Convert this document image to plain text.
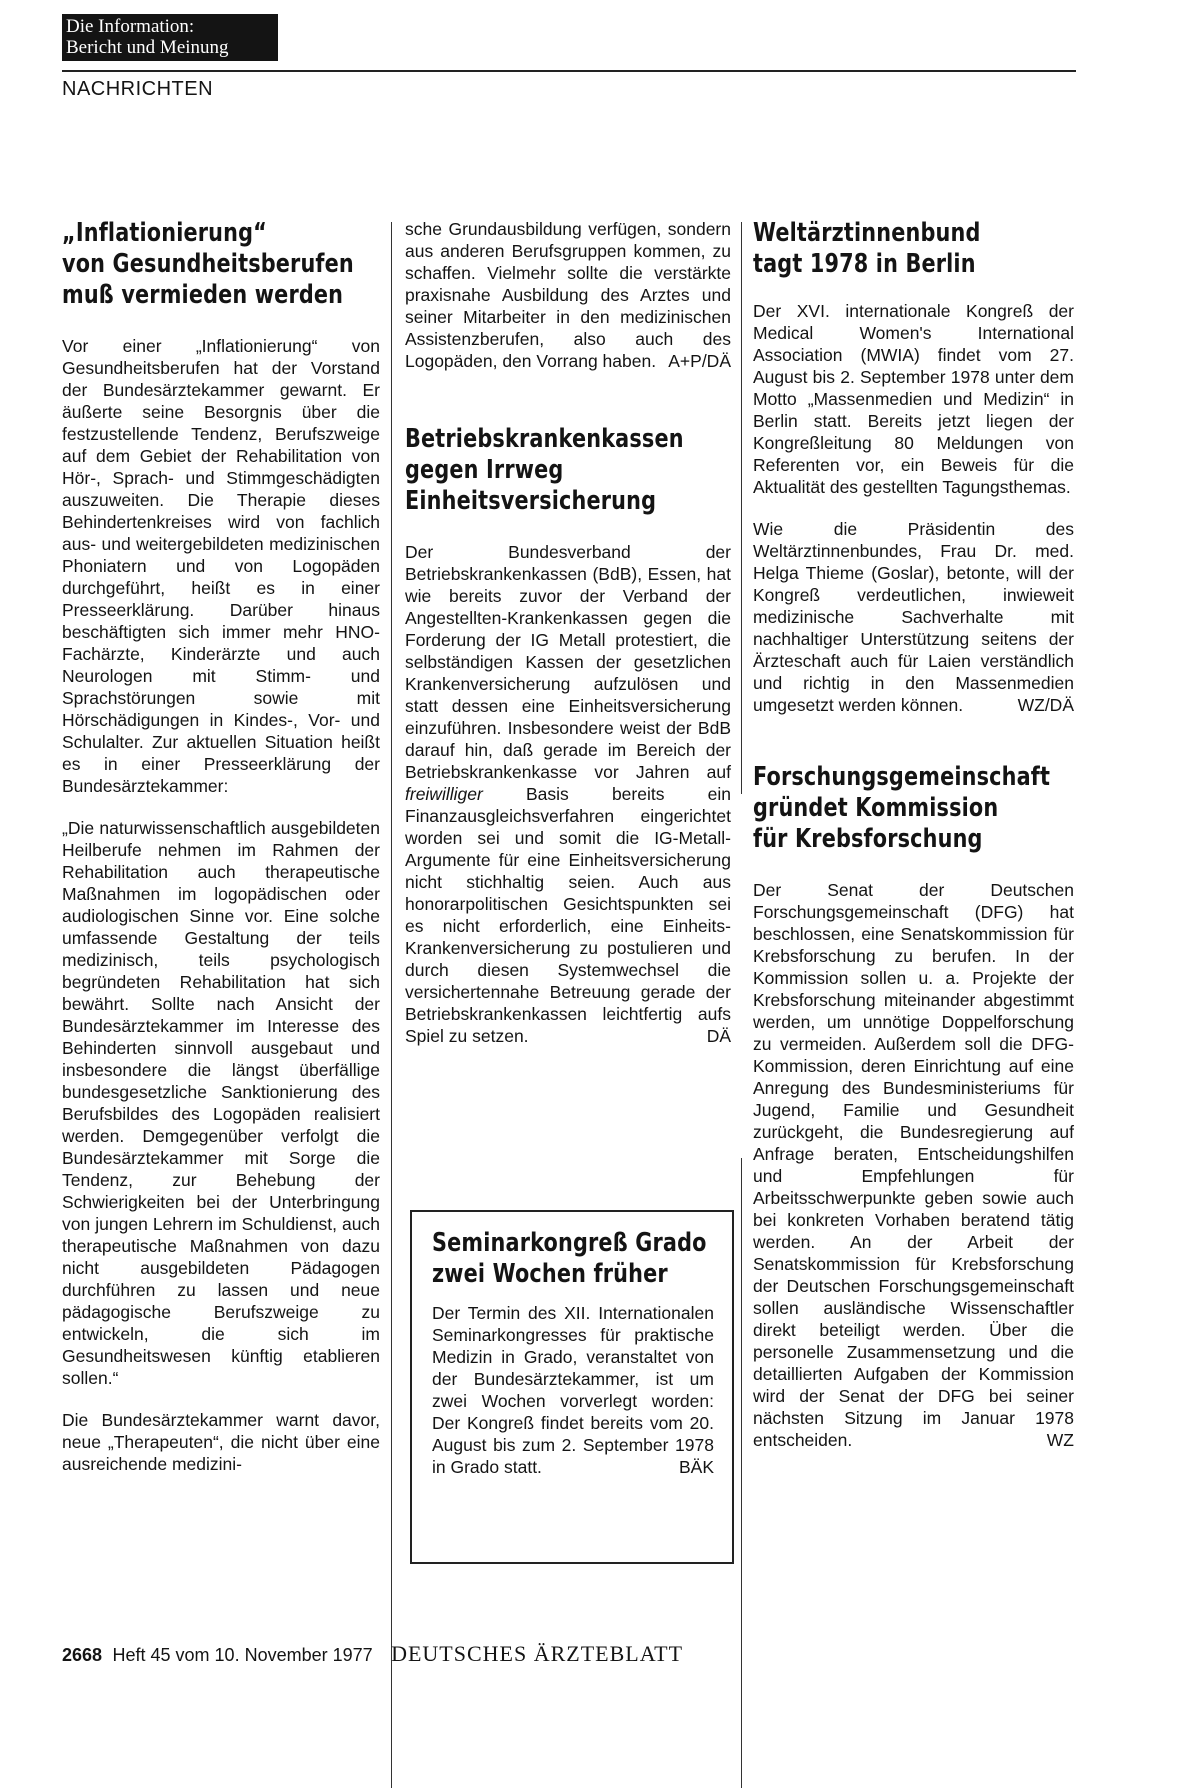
Die Information:
Bericht und Meinung
NACHRICHTEN
„Inflationierung“
von Gesundheitsberufen
muß vermieden werden

Vor einer „Inflationierung“ von Gesundheitsberufen hat der Vorstand der Bundesärztekammer gewarnt. Er äußerte seine Besorgnis über die festzustellende Tendenz, Berufszweige auf dem Gebiet der Rehabilitation von Hör-, Sprach- und Stimmgeschädigten auszuweiten. Die Therapie dieses Behindertenkreises wird von fachlich aus- und weitergebildeten medizinischen Phoniatern und von Logopäden durchgeführt, heißt es in einer Presseerklärung. Darüber hinaus beschäftigten sich immer mehr HNO-Fachärzte, Kinderärzte und auch Neurologen mit Stimm- und Sprachstörungen sowie mit Hörschädigungen in Kindes-, Vor- und Schulalter. Zur aktuellen Situation heißt es in einer Presseerklärung der Bundesärztekammer:

„Die naturwissenschaftlich ausgebildeten Heilberufe nehmen im Rahmen der Rehabilitation auch therapeutische Maßnahmen im logopädischen oder audiologischen Sinne vor. Eine solche umfassende Gestaltung der teils medizinisch, teils psychologisch begründeten Rehabilitation hat sich bewährt. Sollte nach Ansicht der Bundesärztekammer im Interesse des Behinderten sinnvoll ausgebaut und insbesondere die längst überfällige bundesgesetzliche Sanktionierung des Berufsbildes des Logopäden realisiert werden. Demgegenüber verfolgt die Bundesärztekammer mit Sorge die Tendenz, zur Behebung der Schwierigkeiten bei der Unterbringung von jungen Lehrern im Schuldienst, auch therapeutische Maßnahmen von dazu nicht ausgebildeten Pädagogen durchführen zu lassen und neue pädagogische Berufszweige zu entwickeln, die sich im Gesundheitswesen künftig etablieren sollen.“

Die Bundesärztekammer warnt davor, neue „Therapeuten“, die nicht über eine ausreichende medizini-

sche Grundausbildung verfügen, sondern aus anderen Berufsgruppen kommen, zu schaffen. Vielmehr sollte die verstärkte praxisnahe Ausbildung des Arztes und seiner Mitarbeiter in den medizinischen Assistenzberufen, also auch des Logopäden, den Vorrang haben. A+P/DÄ

Betriebskrankenkassen
gegen Irrweg
Einheitsversicherung

Der Bundesverband der Betriebskrankenkassen (BdB), Essen, hat wie bereits zuvor der Verband der Angestellten-Krankenkassen gegen die Forderung der IG Metall protestiert, die selbständigen Kassen der gesetzlichen Krankenversicherung aufzulösen und statt dessen eine Einheitsversicherung einzuführen. Insbesondere weist der BdB darauf hin, daß gerade im Bereich der Betriebskrankenkasse vor Jahren auf freiwilliger Basis bereits ein Finanzausgleichsverfahren eingerichtet worden sei und somit die IG-Metall-Argumente für eine Einheitsversicherung nicht stichhaltig seien. Auch aus honorarpolitischen Gesichtspunkten sei es nicht erforderlich, eine Einheits-Krankenversicherung zu postulieren und durch diesen Systemwechsel die versichertennahe Betreuung gerade der Betriebskrankenkassen leichtfertig aufs Spiel zu setzen.	DÄ

Seminarkongreß Grado
zwei Wochen früher

Der Termin des XII. Internationalen Seminarkongresses für praktische Medizin in Grado, veranstaltet von der Bundesärztekammer, ist um zwei Wochen vorverlegt worden: Der Kongreß findet bereits vom 20. August bis zum 2. September 1978 in Grado statt.	BÄK

Weltärztinnenbund
tagt 1978 in Berlin

Der XVI. internationale Kongreß der Medical Women's International Association (MWIA) findet vom 27. August bis 2. September 1978 unter dem Motto „Massenmedien und Medizin“ in Berlin statt. Bereits jetzt liegen der Kongreßleitung 80 Meldungen von Referenten vor, ein Beweis für die Aktualität des gestellten Tagungsthemas.

Wie die Präsidentin des Weltärztinnenbundes, Frau Dr. med. Helga Thieme (Goslar), betonte, will der Kongreß verdeutlichen, inwieweit medizinische Sachverhalte mit nachhaltiger Unterstützung seitens der Ärzteschaft auch für Laien verständlich und richtig in den Massenmedien umgesetzt werden können.	WZ/DÄ

Forschungsgemeinschaft
gründet Kommission
für Krebsforschung

Der Senat der Deutschen Forschungsgemeinschaft (DFG) hat beschlossen, eine Senatskommission für Krebsforschung zu berufen. In der Kommission sollen u. a. Projekte der Krebsforschung miteinander abgestimmt werden, um unnötige Doppelforschung zu vermeiden. Außerdem soll die DFG-Kommission, deren Einrichtung auf eine Anregung des Bundesministeriums für Jugend, Familie und Gesundheit zurückgeht, die Bundesregierung auf Anfrage beraten, Entscheidungshilfen und Empfehlungen für Arbeitsschwerpunkte geben sowie auch bei konkreten Vorhaben beratend tätig werden. An der Arbeit der Senatskommission für Krebsforschung der Deutschen Forschungsgemeinschaft sollen ausländische Wissenschaftler direkt beteiligt werden. Über die personelle Zusammensetzung und die detaillierten Aufgaben der Kommission wird der Senat der DFG bei seiner nächsten Sitzung im Januar 1978 entscheiden.	WZ

2668 Heft 45 vom 10. November 1977 DEUTSCHES ÄRZTEBLATT
